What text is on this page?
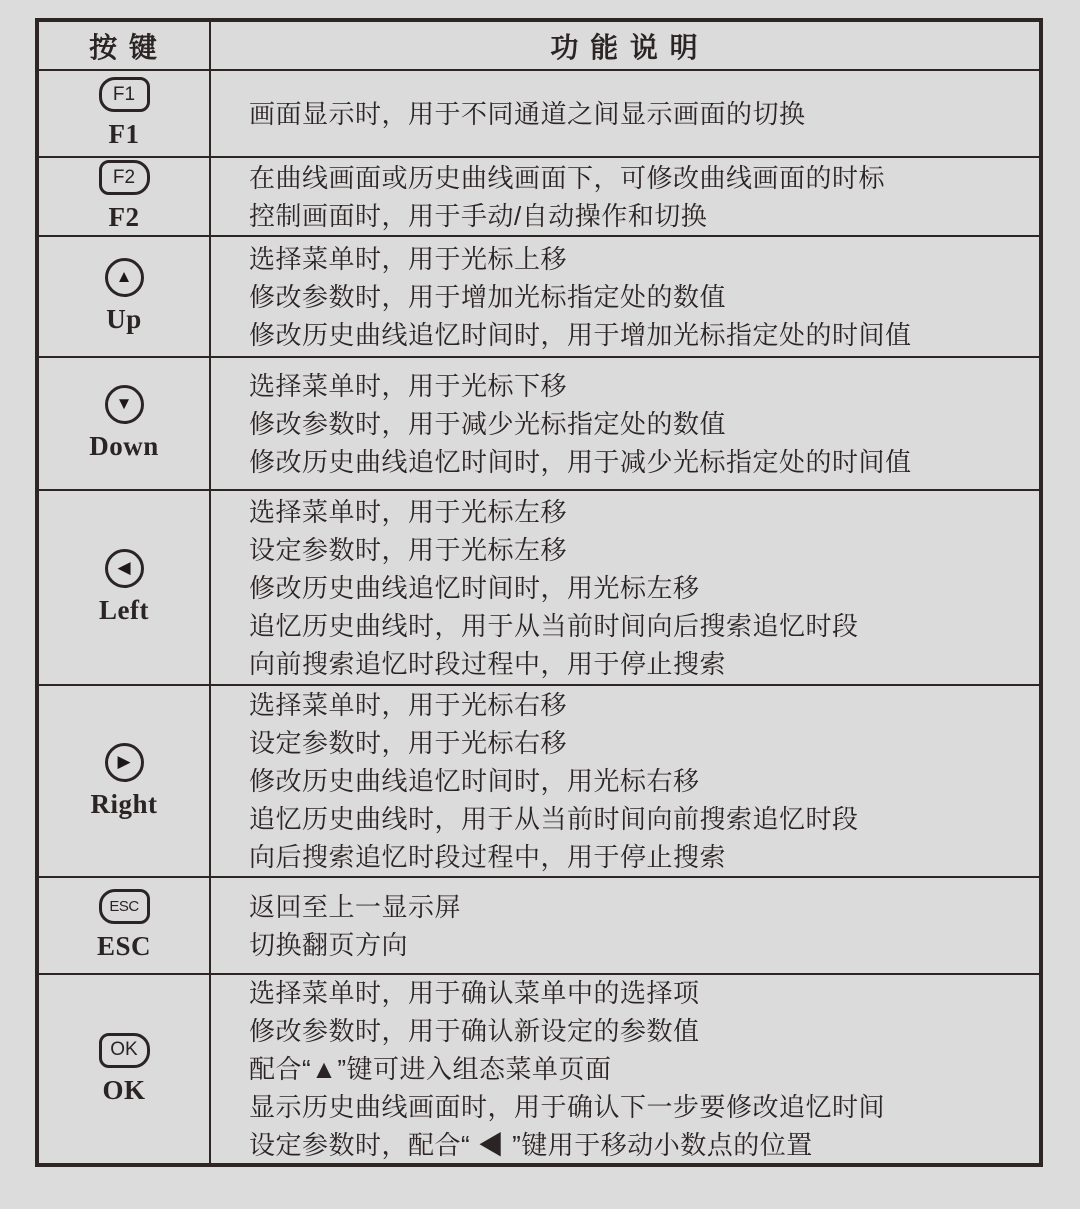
按 键	功 能 说 明
F1
F1
画面显示时，用于不同通道之间显示画面的切换
F2
F2
在曲线画面或历史曲线画面下，可修改曲线画面的时标
控制画面时，用于手动/自动操作和切换
▲
Up
选择菜单时，用于光标上移
修改参数时，用于增加光标指定处的数值
修改历史曲线追忆时间时，用于增加光标指定处的时间值
▼
Down
选择菜单时，用于光标下移
修改参数时，用于减少光标指定处的数值
修改历史曲线追忆时间时，用于减少光标指定处的时间值
◀
Left
选择菜单时，用于光标左移
设定参数时，用于光标左移
修改历史曲线追忆时间时，用光标左移
追忆历史曲线时，用于从当前时间向后搜索追忆时段
向前搜索追忆时段过程中，用于停止搜索
▶
Right
选择菜单时，用于光标右移
设定参数时，用于光标右移
修改历史曲线追忆时间时，用光标右移
追忆历史曲线时，用于从当前时间向前搜索追忆时段
向后搜索追忆时段过程中，用于停止搜索
ESC
ESC
返回至上一显示屏
切换翻页方向
OK
OK
选择菜单时，用于确认菜单中的选择项
修改参数时，用于确认新设定的参数值
配合“▲”键可进入组态菜单页面
显示历史曲线画面时，用于确认下一步要修改追忆时间
设定参数时，配合“ ◀ ”键用于移动小数点的位置
